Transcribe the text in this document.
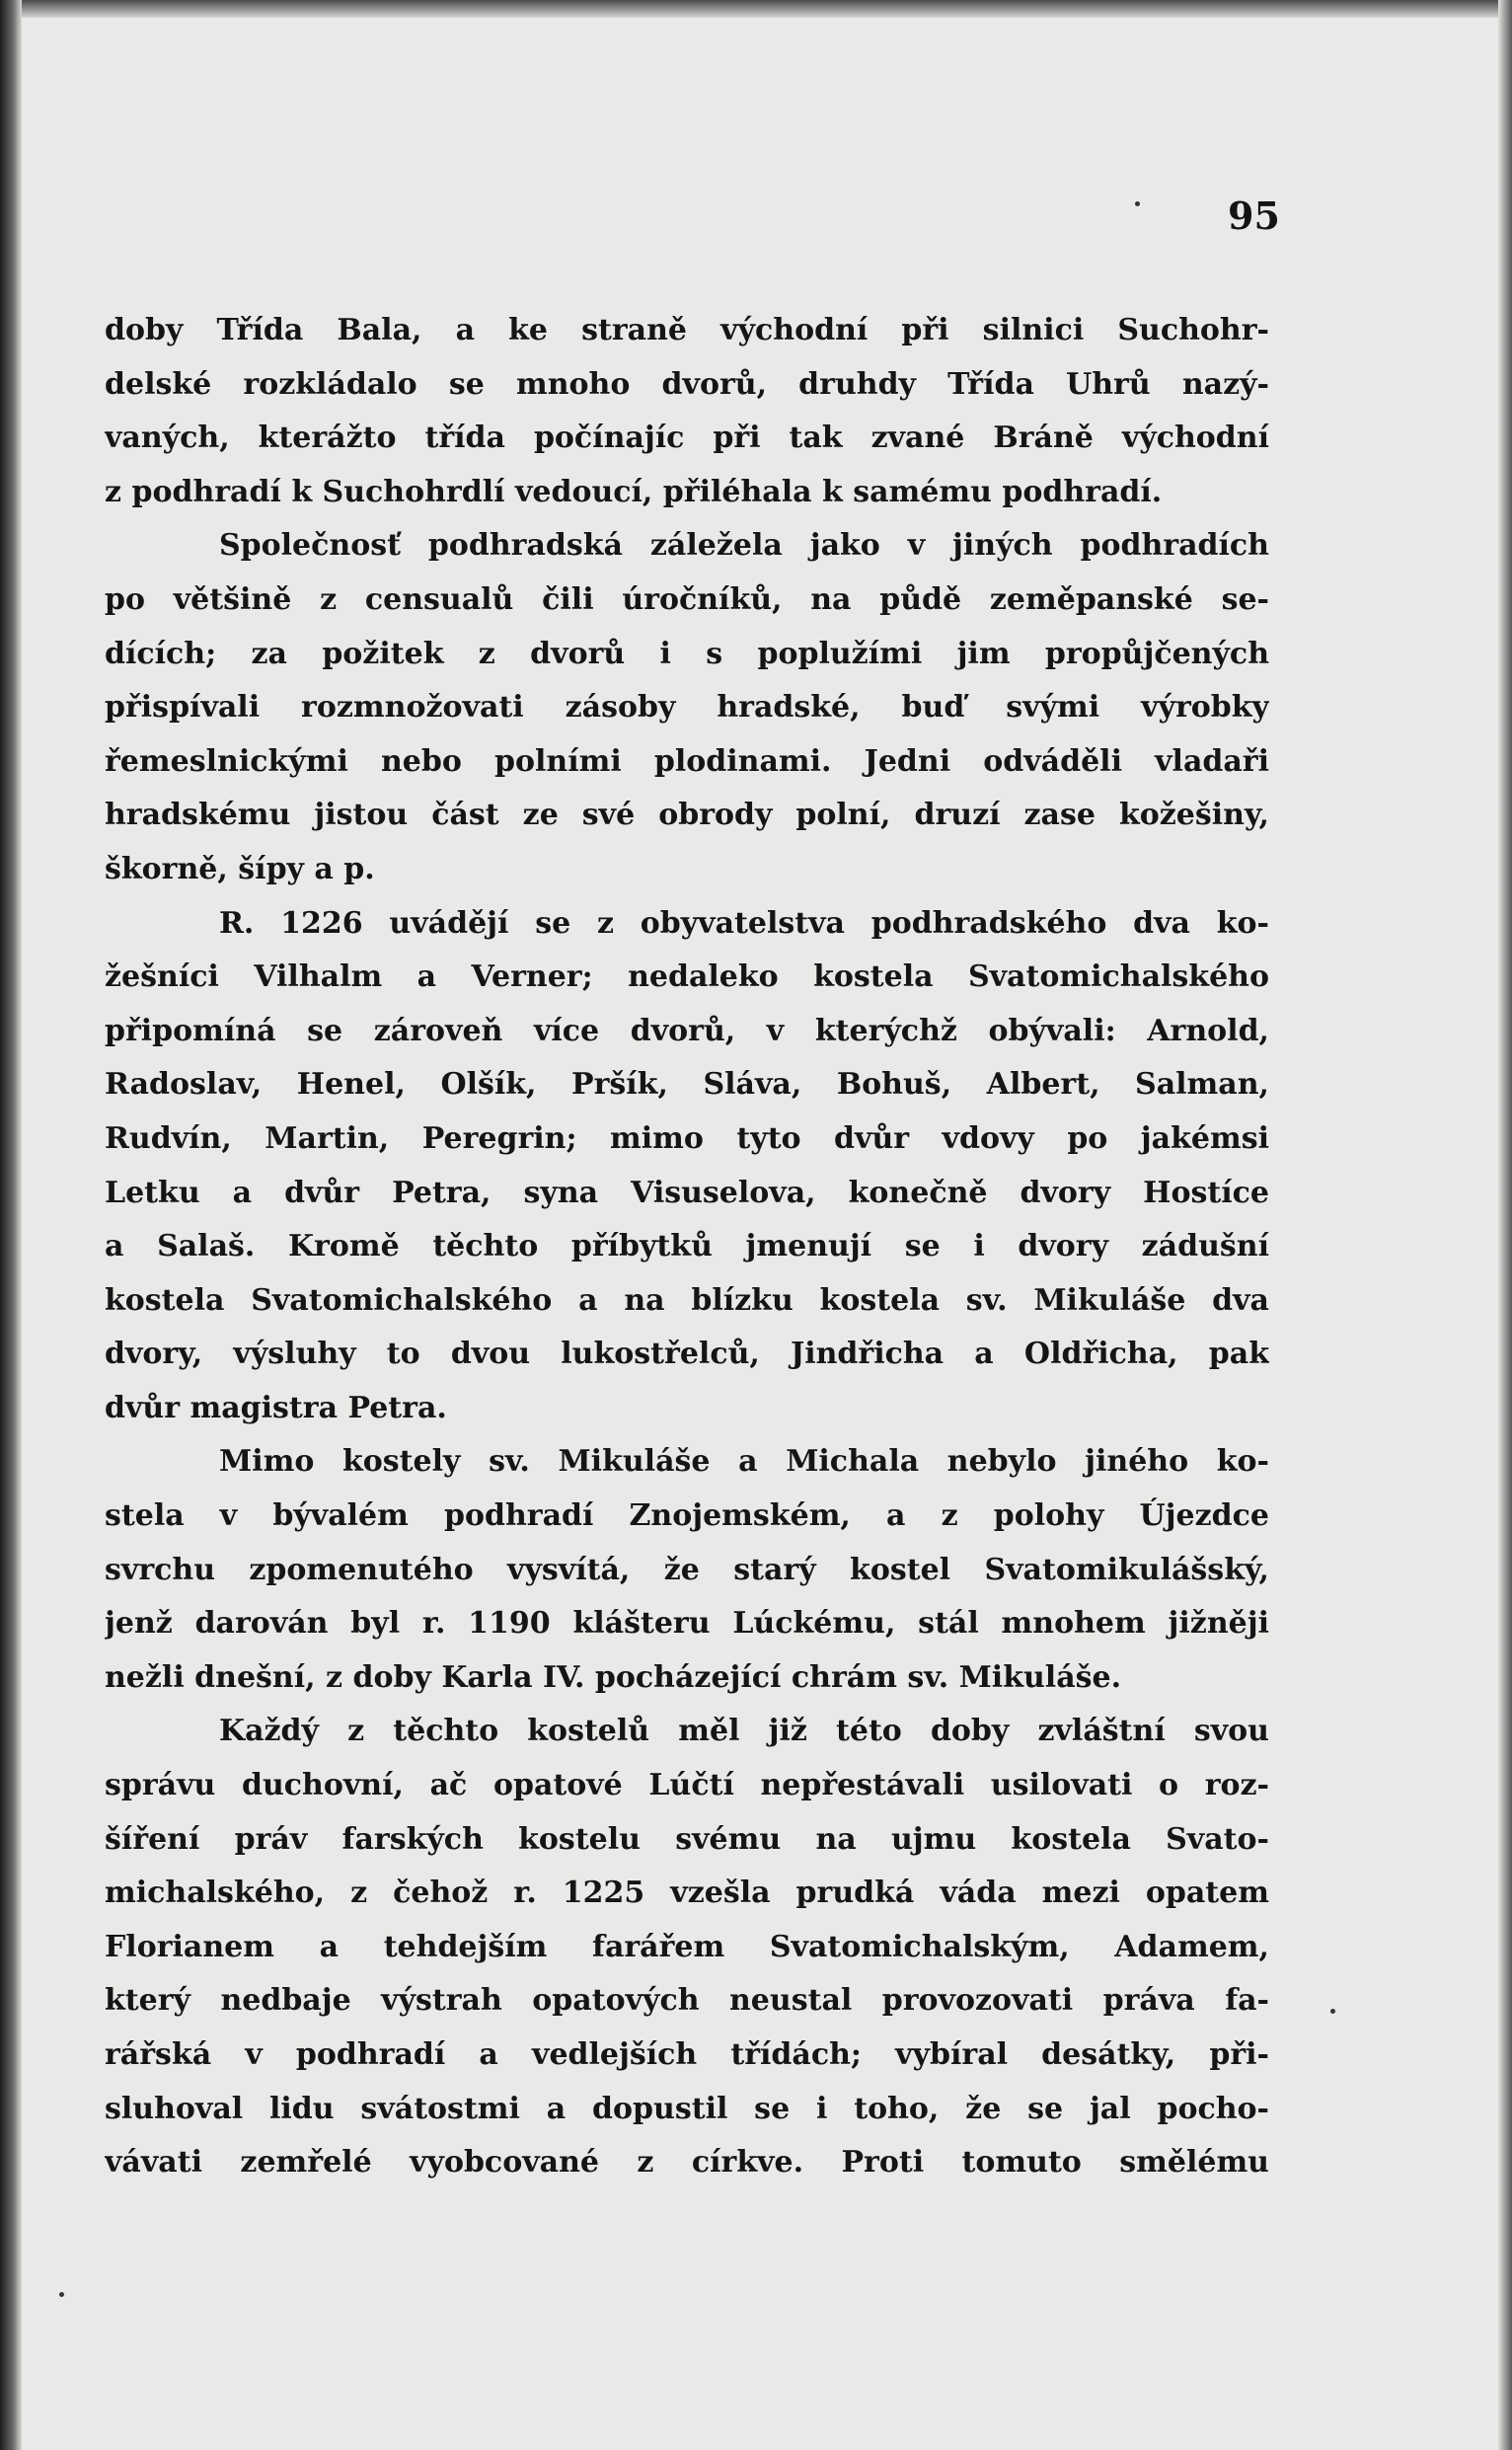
95
doby Třída Bala, a ke straně východní při silnici Suchohr-
delské rozkládalo se mnoho dvorů, druhdy Třída Uhrů nazý-
vaných, kterážto třída počínajíc při tak zvané Bráně východní
z podhradí k Suchohrdlí vedoucí, přiléhala k samému podhradí.
Společnosť podhradská záležela jako v jiných podhradích
po většině z censualů čili úročníků, na půdě zeměpanské se-
dících; za požitek z dvorů i s poplužími jim propůjčených
přispívali rozmnožovati zásoby hradské, buď svými výrobky
řemeslnickými nebo polními plodinami. Jedni odváděli vladaři
hradskému jistou část ze své obrody polní, druzí zase kožešiny,
škorně, šípy a p.
R. 1226 uvádějí se z obyvatelstva podhradského dva ko-
žešníci Vilhalm a Verner; nedaleko kostela Svatomichalského
připomíná se zároveň více dvorů, v kterýchž obývali: Arnold,
Radoslav, Henel, Olšík, Pršík, Sláva, Bohuš, Albert, Salman,
Rudvín, Martin, Peregrin; mimo tyto dvůr vdovy po jakémsi
Letku a dvůr Petra, syna Visuselova, konečně dvory Hostíce
a Salaš. Kromě těchto příbytků jmenují se i dvory zádušní
kostela Svatomichalského a na blízku kostela sv. Mikuláše dva
dvory, výsluhy to dvou lukostřelců, Jindřicha a Oldřicha, pak
dvůr magistra Petra.
Mimo kostely sv. Mikuláše a Michala nebylo jiného ko-
stela v bývalém podhradí Znojemském, a z polohy Újezdce
svrchu zpomenutého vysvítá, že starý kostel Svatomikulášský,
jenž darován byl r. 1190 klášteru Lúckému, stál mnohem jižněji
nežli dnešní, z doby Karla IV. pocházející chrám sv. Mikuláše.
Každý z těchto kostelů měl již této doby zvláštní svou
správu duchovní, ač opatové Lúčtí nepřestávali usilovati o roz-
šíření práv farských kostelu svému na ujmu kostela Svato-
michalského, z čehož r. 1225 vzešla prudká váda mezi opatem
Florianem a tehdejším farářem Svatomichalským, Adamem,
který nedbaje výstrah opatových neustal provozovati práva fa-
rářská v podhradí a vedlejších třídách; vybíral desátky, při-
sluhoval lidu svátostmi a dopustil se i toho, že se jal pocho-
vávati zemřelé vyobcované z církve. Proti tomuto smělému
